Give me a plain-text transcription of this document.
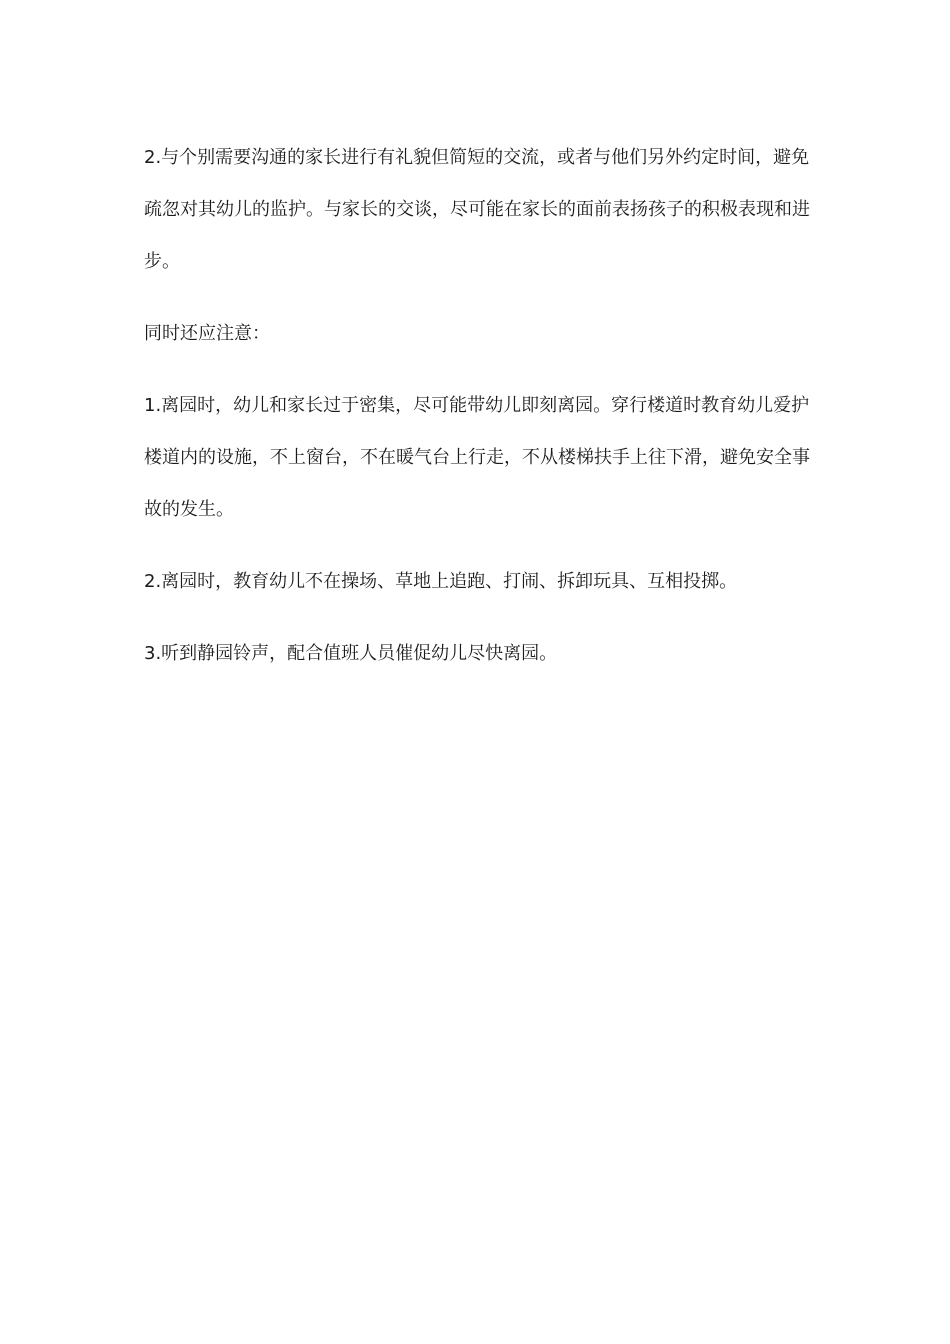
2.与个别需要沟通的家长进行有礼貌但简短的交流，或者与他们另外约定时间，避免疏忽对其幼儿的监护。与家长的交谈，尽可能在家长的面前表扬孩子的积极表现和进步。

同时还应注意：

1.离园时，幼儿和家长过于密集，尽可能带幼儿即刻离园。穿行楼道时教育幼儿爱护楼道内的设施，不上窗台，不在暖气台上行走，不从楼梯扶手上往下滑，避免安全事故的发生。

2.离园时，教育幼儿不在操场、草地上追跑、打闹、拆卸玩具、互相投掷。

3.听到静园铃声，配合值班人员催促幼儿尽快离园。
